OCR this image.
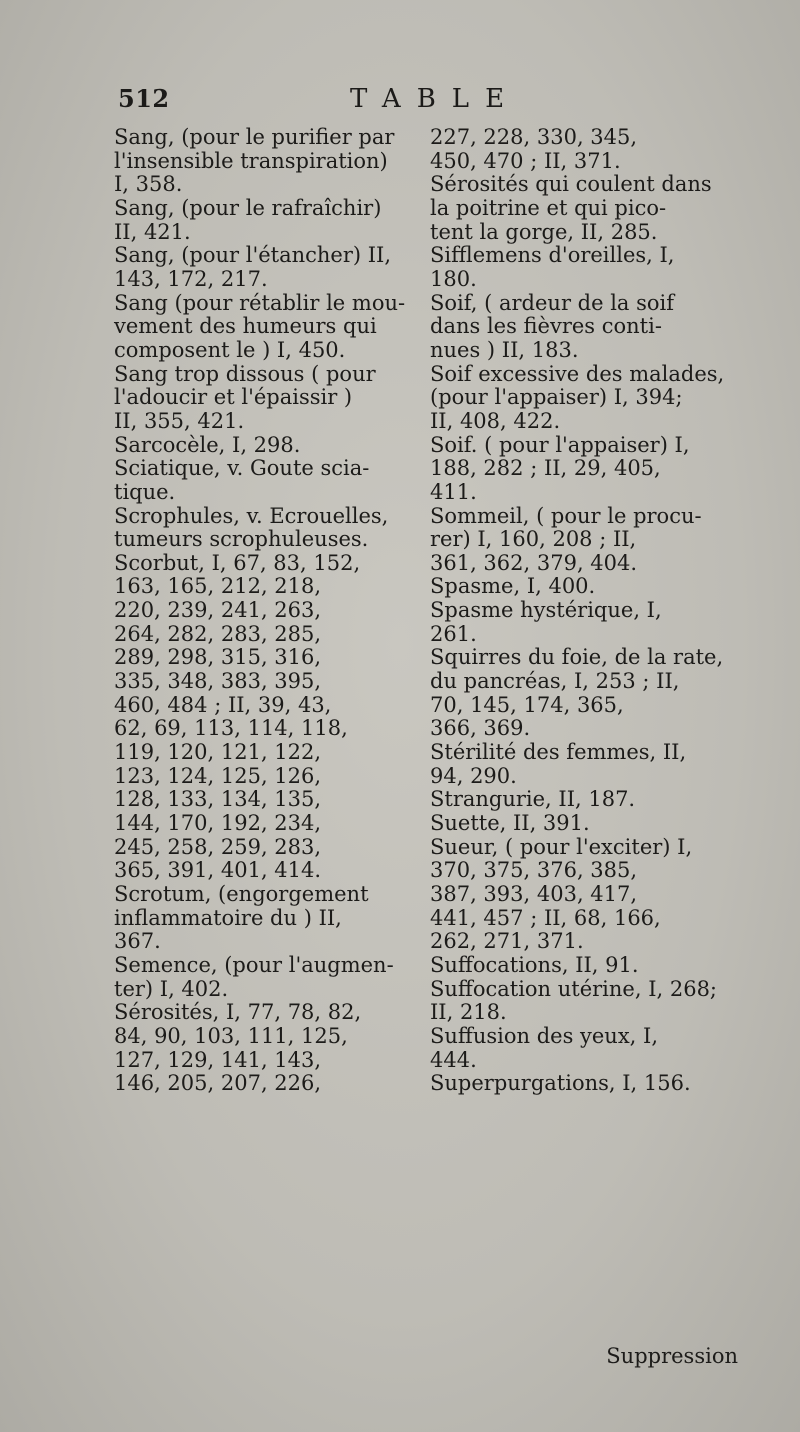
512	TABLE
Sang, (pour le purifier par
l'insensible transpiration)
I, 358.
Sang, (pour le rafraîchir)
II, 421.
Sang, (pour l'étancher) II,
143, 172, 217.
Sang (pour rétablir le mou-
vement des humeurs qui
composent le ) I, 450.
Sang trop dissous ( pour
l'adoucir et l'épaissir )
II, 355, 421.
Sarcocèle, I, 298.
Sciatique, v. Goute scia-
tique.
Scrophules, v. Ecrouelles,
tumeurs scrophuleuses.
Scorbut, I, 67, 83, 152,
163, 165, 212, 218,
220, 239, 241, 263,
264, 282, 283, 285,
289, 298, 315, 316,
335, 348, 383, 395,
460, 484 ; II, 39, 43,
62, 69, 113, 114, 118,
119, 120, 121, 122,
123, 124, 125, 126,
128, 133, 134, 135,
144, 170, 192, 234,
245, 258, 259, 283,
365, 391, 401, 414.
Scrotum, (engorgement
inflammatoire du ) II,
367.
Semence, (pour l'augmen-
ter) I, 402.
Sérosités, I, 77, 78, 82,
84, 90, 103, 111, 125,
127, 129, 141, 143,
146, 205, 207, 226,
227, 228, 330, 345,
450, 470 ; II, 371.
Sérosités qui coulent dans
la poitrine et qui pico-
tent la gorge, II, 285.
Sifflemens d'oreilles, I,
180.
Soif, ( ardeur de la soif
dans les fièvres conti-
nues ) II, 183.
Soif excessive des malades,
(pour l'appaiser) I, 394;
II, 408, 422.
Soif. ( pour l'appaiser) I,
188, 282 ; II, 29, 405,
411.
Sommeil, ( pour le procu-
rer) I, 160, 208 ; II,
361, 362, 379, 404.
Spasme, I, 400.
Spasme hystérique, I,
261.
Squirres du foie, de la rate,
du pancréas, I, 253 ; II,
70, 145, 174, 365,
366, 369.
Stérilité des femmes, II,
94, 290.
Strangurie, II, 187.
Suette, II, 391.
Sueur, ( pour l'exciter) I,
370, 375, 376, 385,
387, 393, 403, 417,
441, 457 ; II, 68, 166,
262, 271, 371.
Suffocations, II, 91.
Suffocation utérine, I, 268;
II, 218.
Suffusion des yeux, I,
444.
Superpurgations, I, 156.
Suppression
